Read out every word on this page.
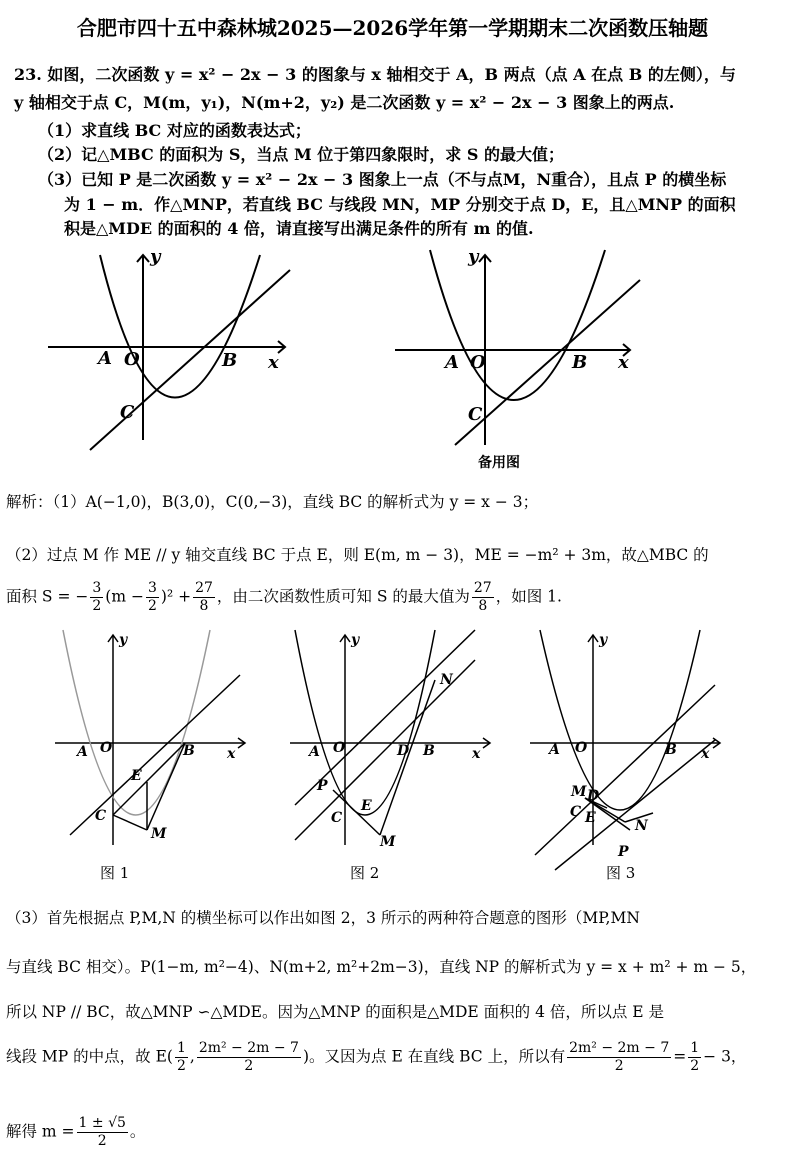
合肥市四十五中森林城2025—2026学年第一学期期末二次函数压轴题
23. 如图，二次函数 y = x² − 2x − 3 的图象与 x 轴相交于 A，B 两点（点 A 在点 B 的左侧），与
y 轴相交于点 C，M(m，y₁)，N(m+2，y₂) 是二次函数 y = x² − 2x − 3 图象上的两点.
（1）求直线 BC 对应的函数表达式；
（2）记△MBC 的面积为 S，当点 M 位于第四象限时，求 S 的最大值；
（3）已知 P 是二次函数 y = x² − 2x − 3 图象上一点（不与点M，N重合），且点 P 的横坐标
为 1 − m．作△MNP，若直线 BC 与线段 MN，MP 分别交于点 D，E，且△MNP 的面积
积是△MDE 的面积的 4 倍，请直接写出满足条件的所有 m 的值.
y
x
O
A	B
C
y
x
O
A	B
C
备用图
解析：（1）A(−1,0)，B(3,0)，C(0,−3)，直线 BC 的解析式为 y = x − 3；
（2）过点 M 作 ME // y 轴交直线 BC 于点 E，则 E(m, m − 3)，ME = −m² + 3m，故△MBC 的
面积 S = − $\frac{3}{2} (m - \frac{3}{2} )^2 + \frac{27}{8}$ ，由二次函数性质可知 S 的最大值为 $\frac{27}{8}$ ，如图 1.
y
x
O
A	B
C
E
M
图 1
y
x
O
A	B
D
N
P
C
E
M
图 2
y
x
O
A	B
M D
C E	N
P
图 3
（3）首先根据点 P,M,N 的横坐标可以作出如图 2，3 所示的两种符合题意的图形（MP,MN
与直线 BC 相交）。P(1−m, m²−4)、N(m+2, m²+2m−3)，直线 NP 的解析式为 y = x + m² + m − 5，
所以 NP // BC，故△MNP ∽△MDE。因为△MNP 的面积是△MDE 面积的 4 倍，所以点 E 是
线段 MP 的中点，故 $E( \frac{1}{2}$ , $\frac{\text{2m² − 2m − 7}}{2}$ )。又因为点 E 在直线 BC 上，所以有 $\frac{\text{2m² − 2m − 7}}{2} = \frac{1}{2} - 3$，
解得 $m = \frac{1 \pm √5}{2}$ 。
